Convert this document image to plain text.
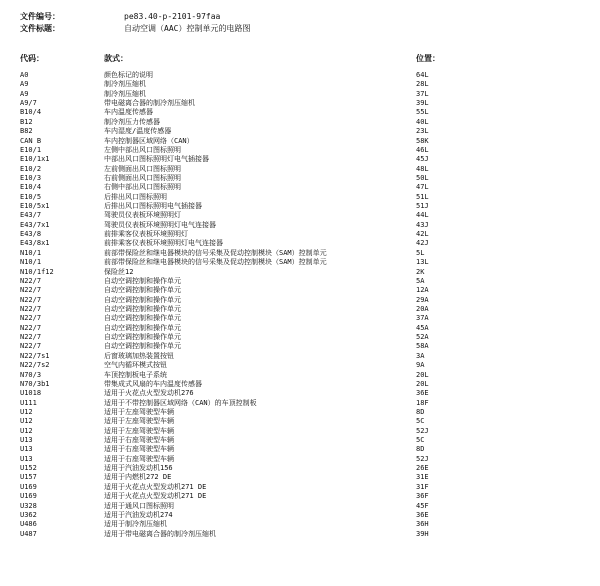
文件编号：	pe83.40-p-2101-97faa
文件标题：	自动空调（AAC）控制单元的电路图
代码：	款式：	位置：
A0	颜色标记的说明	64L
A9	制冷剂压缩机	28L
A9	制冷剂压缩机	37L
A9/7	带电磁离合器的制冷剂压缩机	39L
B10/4	车内温度传感器	55L
B12	制冷剂压力传感器	40L
B82	车内湿度/温度传感器	23L
CAN B	车内控制器区域网络（CAN）	58K
E10/1	左侧中部出风口图标照明	46L
E10/1x1	中部出风口图标照明灯电气插接器	45J
E10/2	左前侧面出风口图标照明	48L
E10/3	右前侧面出风口图标照明	50L
E10/4	右侧中部出风口图标照明	47L
E10/5	后排出风口图标照明	51L
E10/5x1	后排出风口图标照明电气插接器	51J
E43/7	驾驶员仪表板环境照明灯	44L
E43/7x1	驾驶员仪表板环境照明灯电气连接器	43J
E43/8	前排乘客仪表板环境照明灯	42L
E43/8x1	前排乘客仪表板环境照明灯电气连接器	42J
N10/1	前部带保险丝和继电器模块的信号采集及促动控制模块（SAM）控制单元	5L
N10/1	前部带保险丝和继电器模块的信号采集及促动控制模块（SAM）控制单元	13L
N10/1f12	保险丝12	2K
N22/7	自动空调控制和操作单元	5A
N22/7	自动空调控制和操作单元	12A
N22/7	自动空调控制和操作单元	29A
N22/7	自动空调控制和操作单元	20A
N22/7	自动空调控制和操作单元	37A
N22/7	自动空调控制和操作单元	45A
N22/7	自动空调控制和操作单元	52A
N22/7	自动空调控制和操作单元	58A
N22/7s1	后窗玻璃加热装置按钮	3A
N22/7s2	空气内循环模式按钮	9A
N70/3	车顶控制板电子系统	20L
N70/3b1	带集成式风扇的车内温度传感器	20L
U1018	适用于火花点火型发动机276	36E
U111	适用于不带控制器区域网络（CAN）的车顶控制板	18F
U12	适用于左座驾驶型车辆	8D
U12	适用于左座驾驶型车辆	5C
U12	适用于左座驾驶型车辆	52J
U13	适用于右座驾驶型车辆	5C
U13	适用于右座驾驶型车辆	8D
U13	适用于右座驾驶型车辆	52J
U152	适用于汽油发动机156	26E
U157	适用于内燃机272 DE	31E
U169	适用于火花点火型发动机271 DE	31F
U169	适用于火花点火型发动机271 DE	36F
U328	适用于通风口图标照明	45F
U362	适用于汽油发动机274	36E
U486	适用于制冷剂压缩机	36H
U487	适用于带电磁离合器的制冷剂压缩机	39H
